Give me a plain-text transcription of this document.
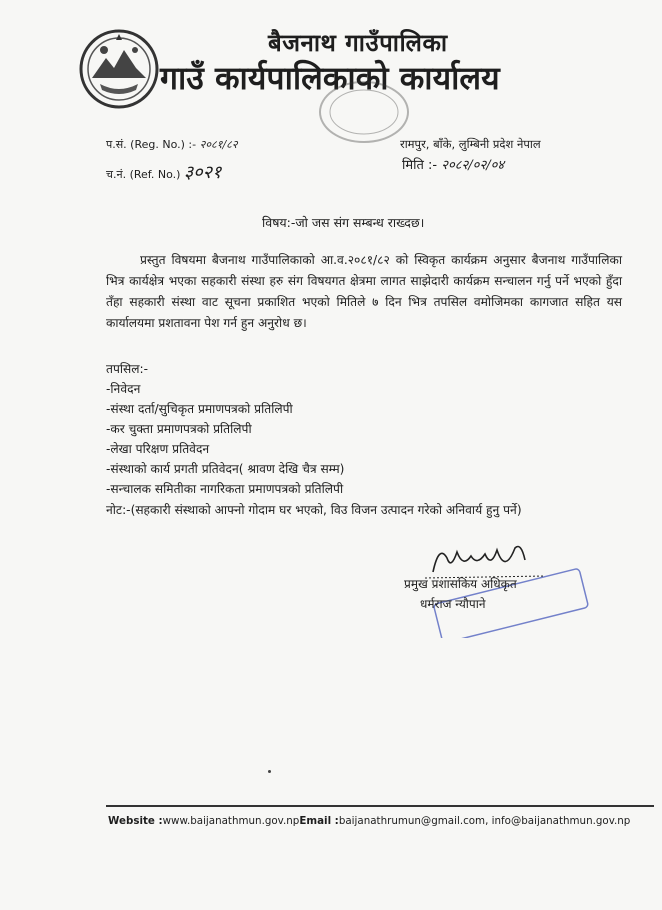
बैजनाथ गाउँपालिका
गाउँ कार्यपालिकाको कार्यालय
प.सं. (Reg. No.) :- २०८१/८२
च.नं. (Ref. No.) ३०२१
रामपुर, बाँके, लुम्बिनी प्रदेश नेपाल
मिति :- २०८२/०२/०४
विषय:-जो जस संग सम्बन्ध राख्दछ।

प्रस्तुत विषयमा बैजनाथ गाउँपालिकाको आ.व.२०८१/८२ को स्विकृत कार्यक्रम अनुसार बैजनाथ गाउँपालिका भित्र कार्यक्षेत्र भएका सहकारी संस्था हरु संग विषयगत क्षेत्रमा लागत साझेदारी कार्यक्रम सन्चालन गर्नु पर्ने भएको हुँदा तँहा सहकारी संस्था वाट सूचना प्रकाशित भएको मितिले ७ दिन भित्र तपसिल वमोजिमका कागजात सहित यस कार्यालयमा प्रशतावना पेश गर्न हुन अनुरोध छ।

तपसिल:-
-निवेदन
-संस्था दर्ता/सुचिकृत प्रमाणपत्रको प्रतिलिपी
-कर चुक्ता प्रमाणपत्रको प्रतिलिपी
-लेखा परिक्षण प्रतिवेदन
-संस्थाको कार्य प्रगती प्रतिवेदन( श्रावण देखि चैत्र सम्म)
-सन्चालक समितीका नागरिकता प्रमाणपत्रको प्रतिलिपी
नोट:-(सहकारी संस्थाको आफ्नो गोदाम घर भएको, विउ विजन उत्पादन गरेको अनिवार्य हुनु पर्ने)
प्रमुख प्रशासकिय अधिकृत
धर्मराज न्यौपाने
Website :www.baijanathmun.gov.npEmail :baijanathrumun@gmail.com, info@baijanathmun.gov.np
